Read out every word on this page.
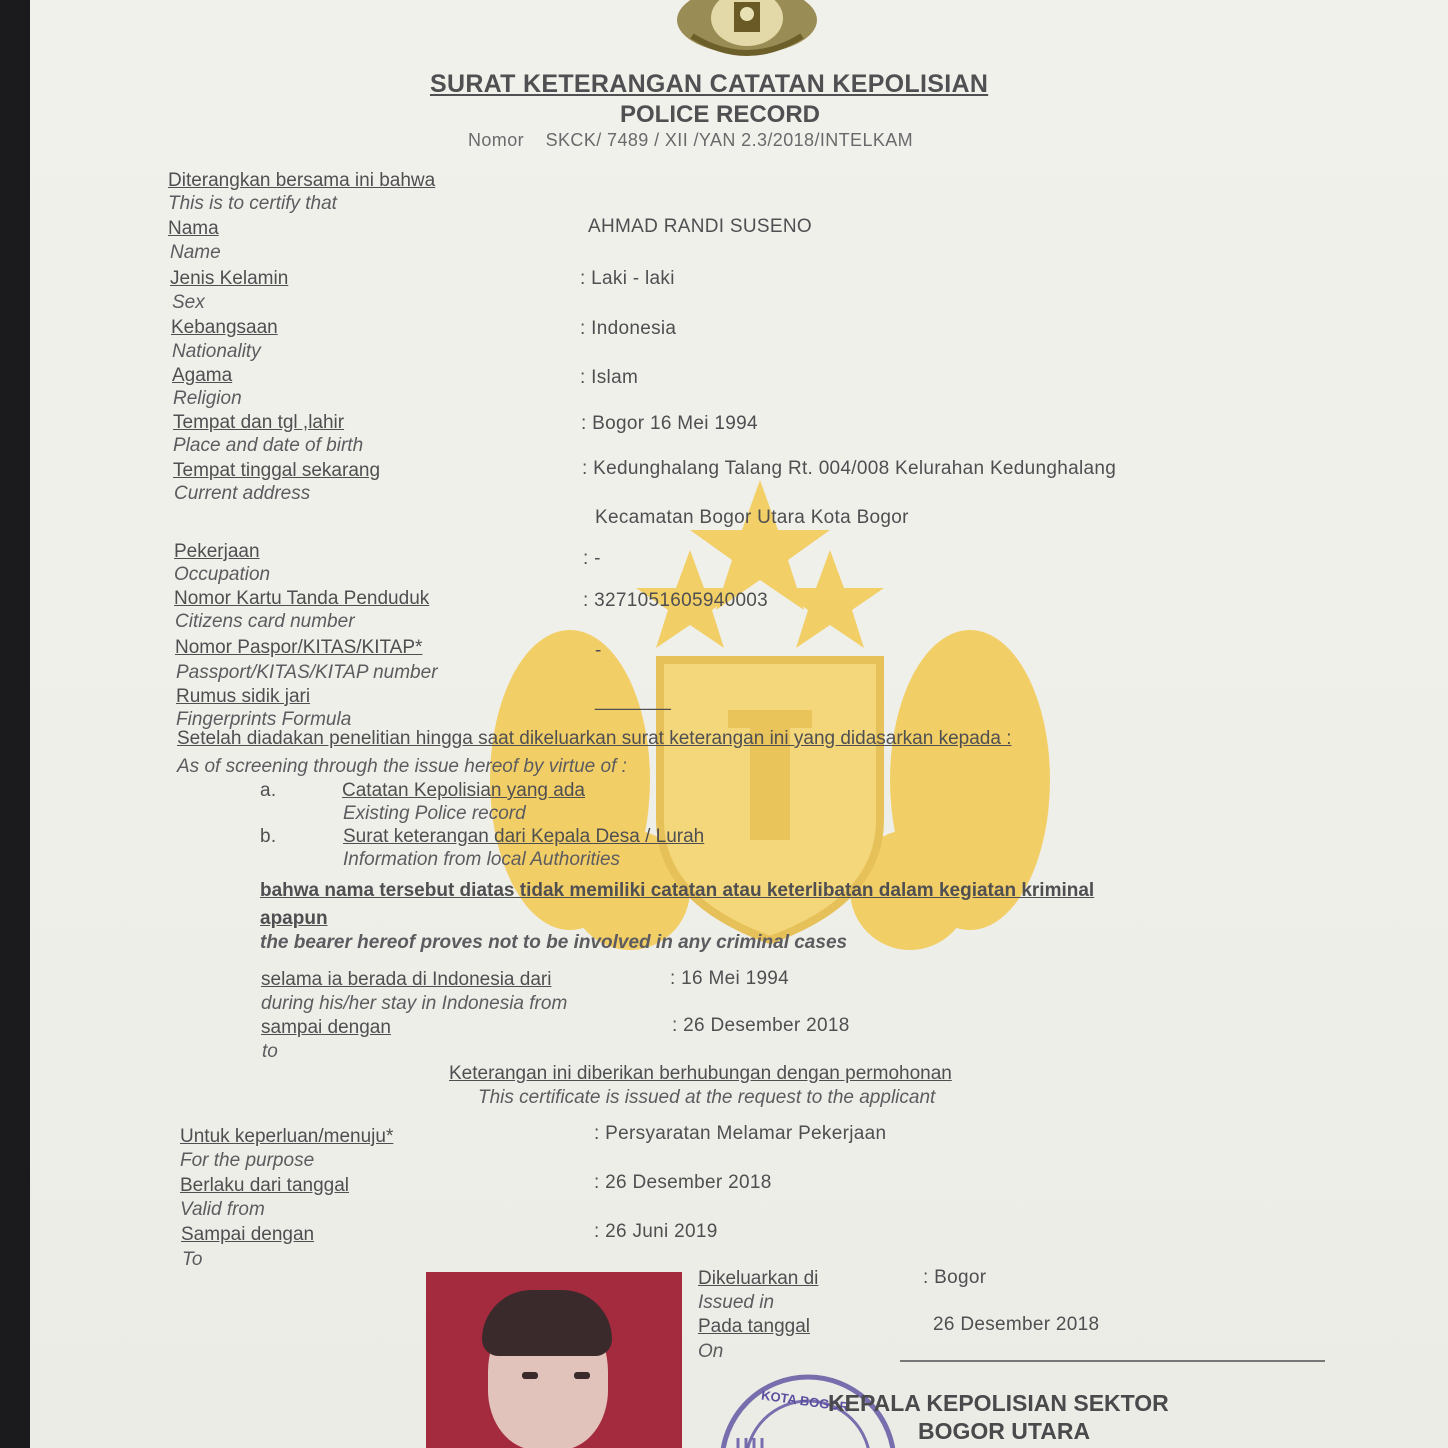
SURAT KETERANGAN CATATAN KEPOLISIAN
POLICE RECORD
Nomor SKCK/ 7489 / XII /YAN 2.3/2018/INTELKAM
Diterangkan bersama ini bahwa
This is to certify that
Nama
Name
AHMAD RANDI SUSENO
Jenis Kelamin
Sex
: Laki - laki
Kebangsaan
Nationality
: Indonesia
Agama
Religion
: Islam
Tempat dan tgl ,lahir
Place and date of birth
: Bogor 16 Mei 1994
Tempat tinggal sekarang
Current address
: Kedunghalang Talang Rt. 004/008 Kelurahan Kedunghalang
Kecamatan Bogor Utara Kota Bogor
Pekerjaan
Occupation
: -
Nomor Kartu Tanda Penduduk
Citizens card number
: 3271051605940003
Nomor Paspor/KITAS/KITAP*
Passport/KITAS/KITAP number
-
Rumus sidik jari
Fingerprints Formula
_______
Setelah diadakan penelitian hingga saat dikeluarkan surat keterangan ini yang didasarkan kepada :
As of screening through the issue hereof by virtue of :
a.	Catatan Kepolisian yang ada
Existing Police record
b.	Surat keterangan dari Kepala Desa / Lurah
Information from local Authorities
bahwa nama tersebut diatas tidak memiliki catatan atau keterlibatan dalam kegiatan kriminal
apapun
the bearer hereof proves not to be involved in any criminal cases
selama ia berada di Indonesia dari
during his/her stay in Indonesia from
: 16 Mei 1994
sampai dengan
to
: 26 Desember 2018
Keterangan ini diberikan berhubungan dengan permohonan
This certificate is issued at the request to the applicant
Untuk keperluan/menuju*
For the purpose
: Persyaratan Melamar Pekerjaan
Berlaku dari tanggal
Valid from
: 26 Desember 2018
Sampai dengan
To
: 26 Juni 2019
Dikeluarkan di
Issued in
: Bogor
Pada tanggal
On
26 Desember 2018
KOTA BOGOR
KEPALA KEPOLISIAN SEKTOR
BOGOR UTARA
